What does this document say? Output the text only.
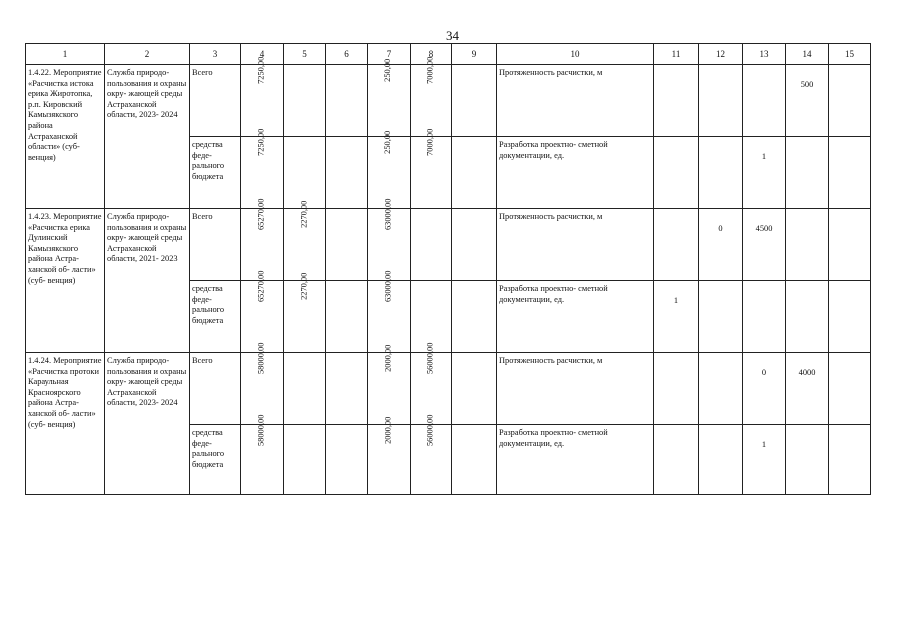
34
1	2	3	4	5	6	7	8	9	10	11	12	13	14	15

1.4.22. Мероприятие «Расчистка истока ерика Жиротопка, р.п. Кировский Камызякского района Астраханской области» (суб- венция)	Служба природо- пользования и охраны окру- жающей среды Астраханской области, 2023- 2024	Всего	7250,00			250,00	7000,00		Протяженность расчистки, м				500	

		средства феде- рального бюджета	7250,00			250,00	7000,00		Разработка проектно- сметной документации, ед.			1		

1.4.23. Мероприятие «Расчистка ерика Дулинский Камызякского района Астра- ханской об- ласти» (суб- венция)	Служба природо- пользования и охраны окру- жающей среды Астраханской области, 2021- 2023	Всего	65270,00	2270,00		63000,00			Протяженность расчистки, м		0	4500		

		средства феде- рального бюджета	65270,00	2270,00		63000,00			Разработка проектно- сметной документации, ед.	1				

1.4.24. Мероприятие «Расчистка протоки Караульная Красноярского района Астра- ханской об- ласти» (суб- венция)	Служба природо- пользования и охраны окру- жающей среды Астраханской области, 2023- 2024	Всего	58000,00			2000,00	56000,00		Протяженность расчистки, м			0	4000	

		средства феде- рального бюджета	58000,00			2000,00	56000,00		Разработка проектно- сметной документации, ед.			1		
